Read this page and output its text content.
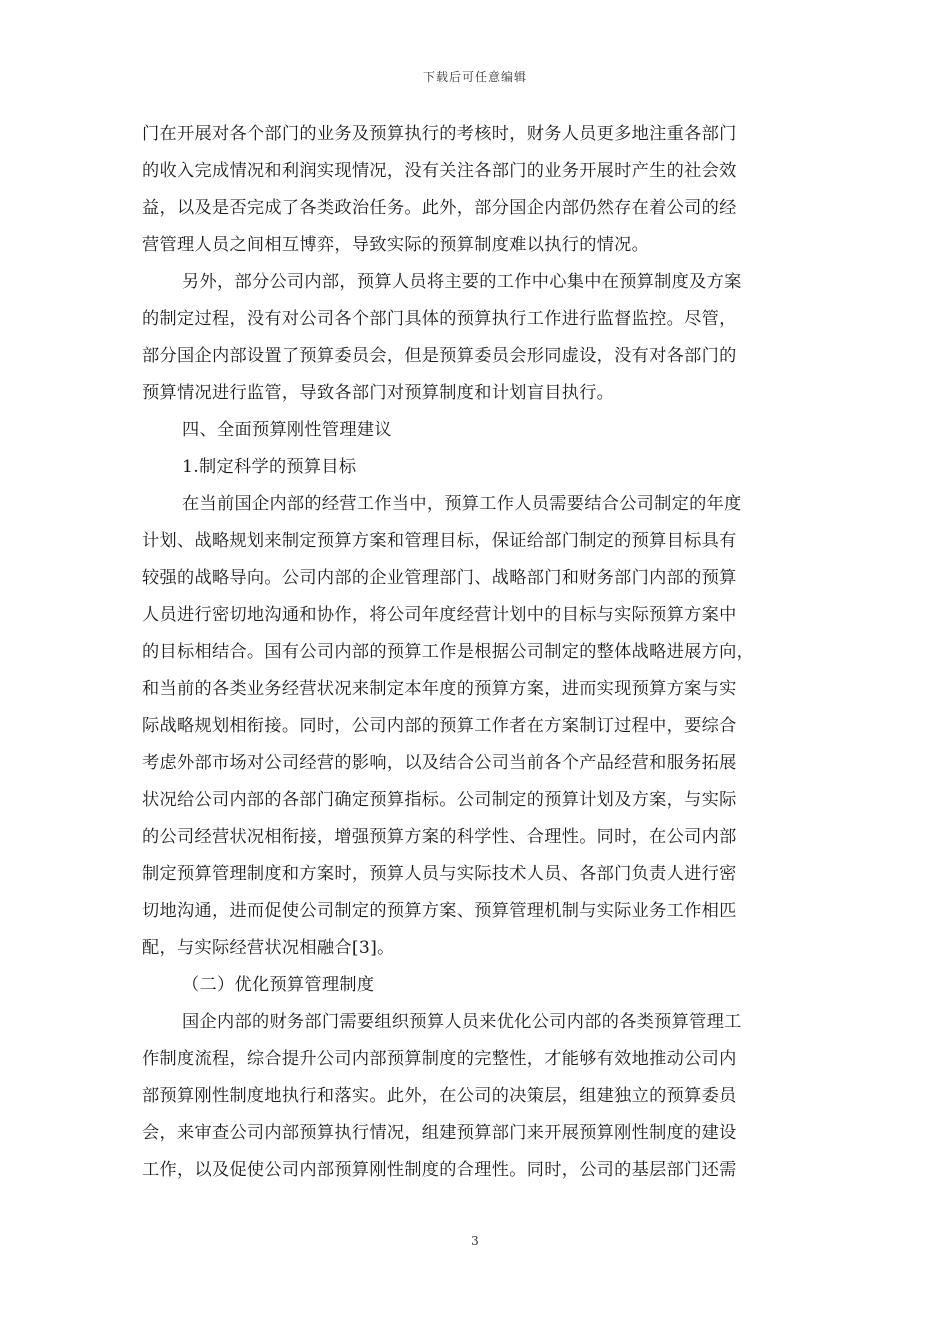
下载后可任意编辑
门在开展对各个部门的业务及预算执行的考核时，财务人员更多地注重各部门
的收入完成情况和利润实现情况，没有关注各部门的业务开展时产生的社会效
益，以及是否完成了各类政治任务。此外，部分国企内部仍然存在着公司的经
营管理人员之间相互博弈，导致实际的预算制度难以执行的情况。
另外，部分公司内部，预算人员将主要的工作中心集中在预算制度及方案
的制定过程，没有对公司各个部门具体的预算执行工作进行监督监控。尽管，
部分国企内部设置了预算委员会，但是预算委员会形同虚设，没有对各部门的
预算情况进行监管，导致各部门对预算制度和计划盲目执行。
四、全面预算刚性管理建议
1.制定科学的预算目标
在当前国企内部的经营工作当中，预算工作人员需要结合公司制定的年度
计划、战略规划来制定预算方案和管理目标，保证给部门制定的预算目标具有
较强的战略导向。公司内部的企业管理部门、战略部门和财务部门内部的预算
人员进行密切地沟通和协作，将公司年度经营计划中的目标与实际预算方案中
的目标相结合。国有公司内部的预算工作是根据公司制定的整体战略进展方向，
和当前的各类业务经营状况来制定本年度的预算方案，进而实现预算方案与实
际战略规划相衔接。同时，公司内部的预算工作者在方案制订过程中，要综合
考虑外部市场对公司经营的影响，以及结合公司当前各个产品经营和服务拓展
状况给公司内部的各部门确定预算指标。公司制定的预算计划及方案，与实际
的公司经营状况相衔接，增强预算方案的科学性、合理性。同时，在公司内部
制定预算管理制度和方案时，预算人员与实际技术人员、各部门负责人进行密
切地沟通，进而促使公司制定的预算方案、预算管理机制与实际业务工作相匹
配，与实际经营状况相融合[3]。
（二）优化预算管理制度
国企内部的财务部门需要组织预算人员来优化公司内部的各类预算管理工
作制度流程，综合提升公司内部预算制度的完整性，才能够有效地推动公司内
部预算刚性制度地执行和落实。此外，在公司的决策层，组建独立的预算委员
会，来审查公司内部预算执行情况，组建预算部门来开展预算刚性制度的建设
工作，以及促使公司内部预算刚性制度的合理性。同时，公司的基层部门还需
3
